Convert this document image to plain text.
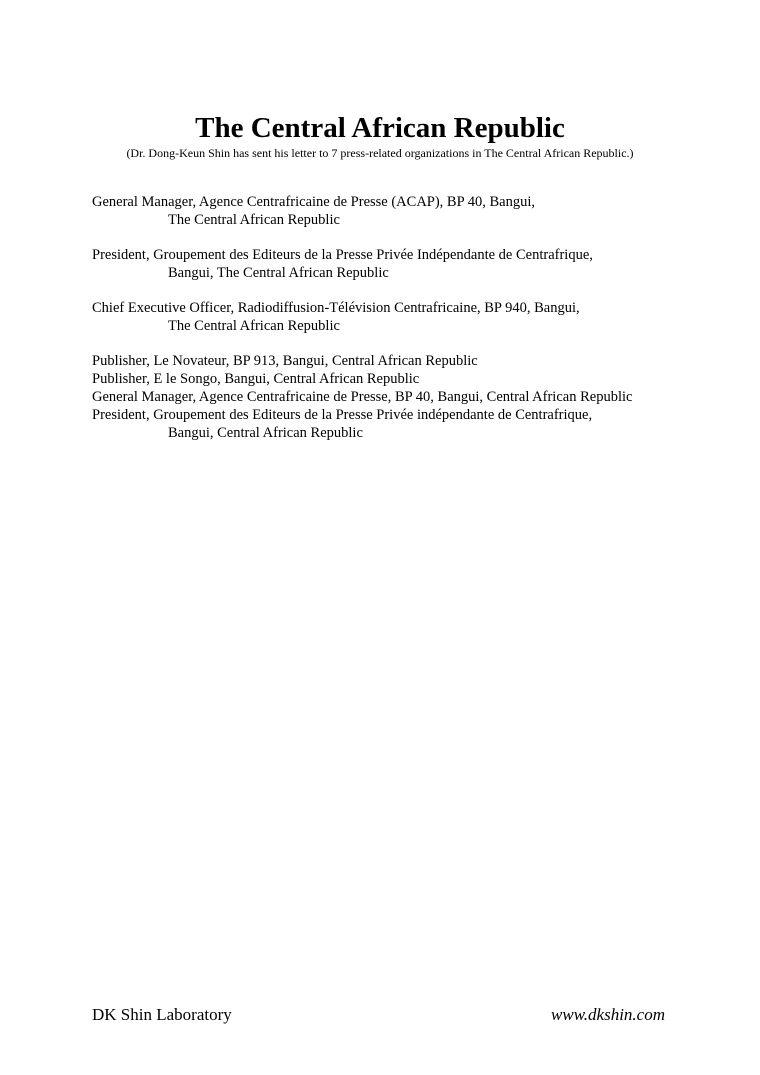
The Central African Republic
(Dr. Dong-Keun Shin has sent his letter to 7 press-related organizations in The Central African Republic.)
General Manager, Agence Centrafricaine de Presse (ACAP), BP 40, Bangui,
The Central African Republic
President, Groupement des Editeurs de la Presse Privée Indépendante de Centrafrique,
Bangui, The Central African Republic
Chief Executive Officer, Radiodiffusion-Télévision Centrafricaine, BP 940, Bangui,
The Central African Republic
Publisher, Le Novateur, BP 913, Bangui, Central African Republic
Publisher, E le Songo, Bangui, Central African Republic
General Manager, Agence Centrafricaine de Presse, BP 40, Bangui, Central African Republic
President, Groupement des Editeurs de la Presse Privée indépendante de Centrafrique,
Bangui, Central African Republic
DK Shin Laboratory	www.dkshin.com
